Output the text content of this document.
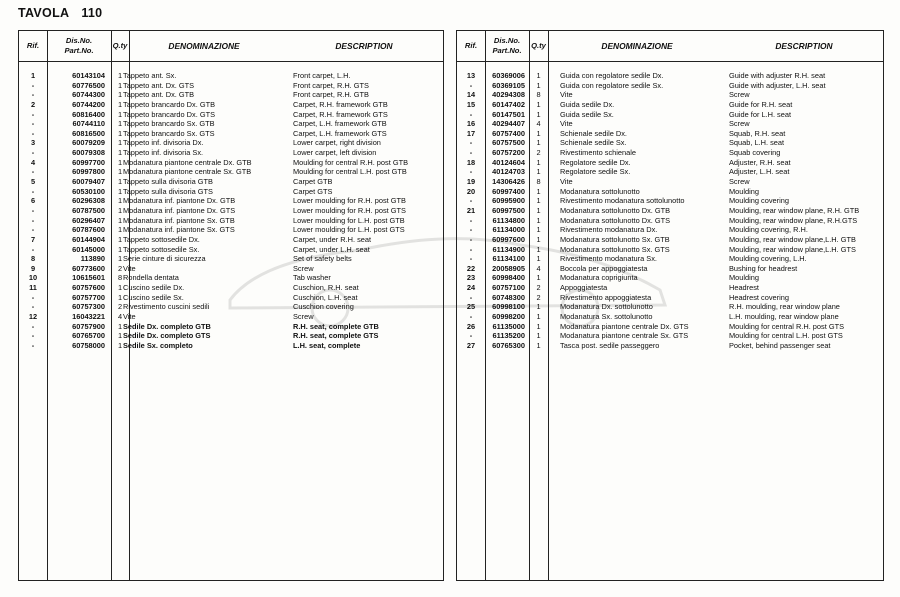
TAVOLA 110
Rif.
Dis.No.
Part.No.
Q.ty	DENOMINAZIONE	DESCRIPTION
1	60143104	1 Tappeto ant. Sx.	Front carpet, L.H.
-	60776500	1 Tappeto ant. Dx. GTS	Front carpet, R.H. GTS
-	60744300	1 Tappeto ant. Dx. GTB	Front carpet, R.H. GTB
2	60744200	1 Tappeto brancardo Dx. GTB	Carpet, R.H. framework GTB
-	60816400	1 Tappeto brancardo Dx. GTS	Carpet, R.H. framework GTS
-	60744110	1 Tappeto brancardo Sx. GTB	Carpet, L.H. framework GTB
-	60816500	1 Tappeto brancardo Sx. GTS	Carpet, L.H. framework GTS
3	60079209	1 Tappeto inf. divisoria Dx.	Lower carpet, right division
-	60079308	1 Tappeto inf. divisoria Sx.	Lower carpet, left division
4	60997700	1 Modanatura piantone centrale Dx. GTB	Moulding for central R.H. post GTB
-	60997800	1 Modanatura piantone centrale Sx. GTB	Moulding for central L.H. post GTB
5	60079407	1 Tappeto sulla divisoria GTB	Carpet GTB
-	60530100	1 Tappeto sulla divisoria GTS	Carpet GTS
6	60296308	1 Modanatura inf. piantone Dx. GTB	Lower moulding for R.H. post GTB
-	60787500	1 Modanatura inf. piantone Dx. GTS	Lower moulding for R.H. post GTS
-	60296407	1 Modanatura inf. piantone Sx. GTB	Lower moulding for L.H. post GTB
-	60787600	1 Modanatura inf. piantone Sx. GTS	Lower moulding for L.H. post GTS
7	60144904	1 Tappeto sottosedile Dx.	Carpet, under R.H. seat
-	60145000	1 Tappeto sottosedile Sx.	Carpet, under L.H. seat
8	113890	1 Serie cinture di sicurezza	Set of safety belts
9	60773600	2 Vite	Screw
10	10615601	8 Rondella dentata	Tab washer
11	60757600	1 Cuscino sedile Dx.	Cuschion, R.H. seat
-	60757700	1 Cuscino sedile Sx.	Cuschion, L.H. seat
-	60757300	2 Rivestimento cuscini sedili	Cuschion covering
12	16043221	4 Vite	Screw
-	60757900	1 Sedile Dx. completo GTB	R.H. seat, complete GTB
-	60765700	1 Sedile Dx. completo GTS	R.H. seat, complete GTS
-	60758000	1 Sedile Sx. completo	L.H. seat, complete
Rif.
Dis.No.
Part.No.
Q.ty	DENOMINAZIONE	DESCRIPTION
13	60369006	1	Guida con regolatore sedile Dx.	Guide with adjuster R.H. seat
-	60369105	1	Guida con regolatore sedile Sx.	Guide with adjuster, L.H. seat
14	40294308	8	Vite	Screw
15	60147402	1	Guida sedile Dx.	Guide for R.H. seat
-	60147501	1	Guida sedile Sx.	Guide for L.H. seat
16	40294407	4	Vite	Screw
17	60757400	1	Schienale sedile Dx.	Squab, R.H. seat
-	60757500	1	Schienale sedile Sx.	Squab, L.H. seat
-	60757200	2	Rivestimento schienale	Squab covering
18	40124604	1	Regolatore sedile Dx.	Adjuster, R.H. seat
-	40124703	1	Regolatore sedile Sx.	Adjuster, L.H. seat
19	14306426	8	Vite	Screw
20	60997400	1	Modanatura sottolunotto	Moulding
-	60995900	1	Rivestimento modanatura sottolunotto	Moulding covering
21	60997500	1	Modanatura sottolunotto Dx. GTB	Moulding, rear window plane, R.H. GTB
-	61134800	1	Modanatura sottolunotto Dx. GTS	Moulding, rear window plane, R.H.GTS
-	61134000	1	Rivestimento modanatura Dx.	Moulding covering, R.H.
-	60997600	1	Modanatura sottolunotto Sx. GTB	Moulding, rear window plane,L.H. GTB
-	61134900	1	Modanatura sottolunotto Sx. GTS	Moulding, rear window plane,L.H. GTS
-	61134100	1	Rivestimento modanatura Sx.	Moulding covering, L.H.
22	20058905	4	Boccola per appoggiatesta	Bushing for headrest
23	60998400	1	Modanatura coprigiunta	Moulding
24	60757100	2	Appoggiatesta	Headrest
-	60748300	2	Rivestimento appoggiatesta	Headrest covering
25	60998100	1	Modanatura Dx. sottolunotto	R.H. moulding, rear window plane
-	60998200	1	Modanatura Sx. sottolunotto	L.H. moulding, rear window plane
26	61135000	1	Modanatura piantone centrale Dx. GTS	Moulding for central R.H. post GTS
-	61135200	1	Modanatura piantone centrale Sx. GTS	Moulding for central L.H. post GTS
27	60765300	1	Tasca post. sedile passeggero	Pocket, behind passenger seat
